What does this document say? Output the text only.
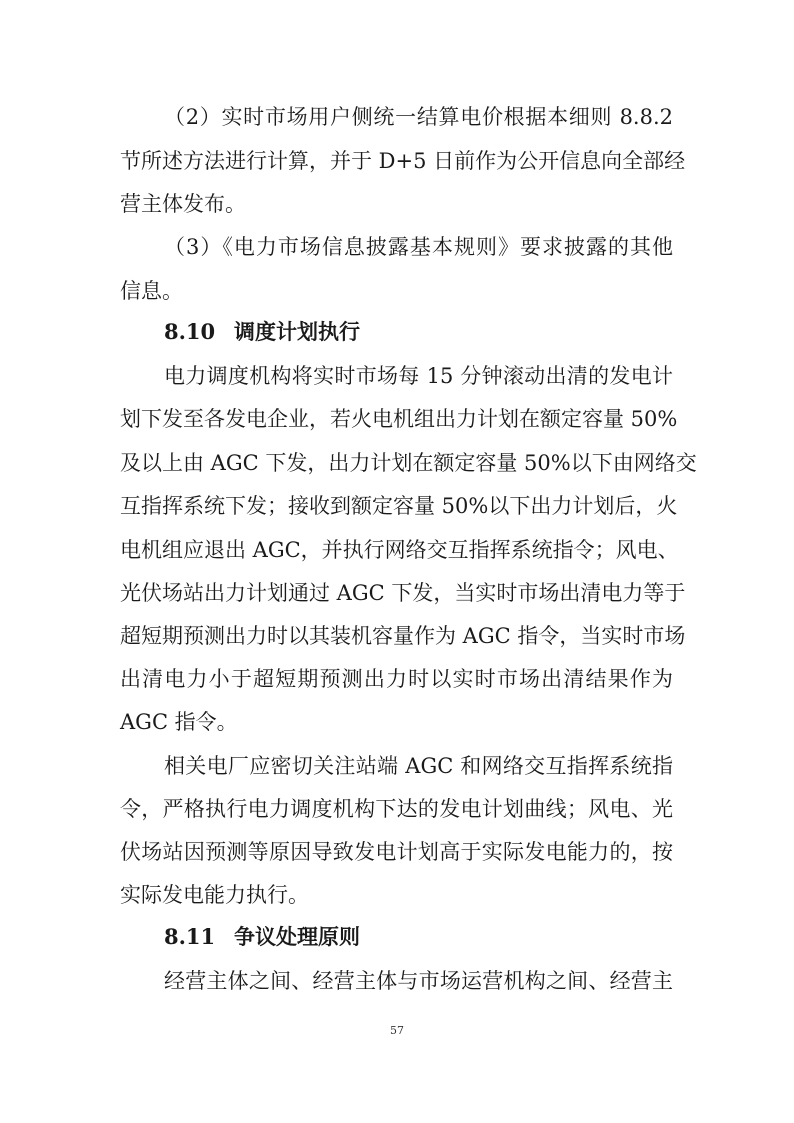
（2）实时市场用户侧统一结算电价根据本细则 8.8.2
节所述方法进行计算，并于 D+5 日前作为公开信息向全部经
营主体发布。
（3）《电力市场信息披露基本规则》要求披露的其他
信息。
8.10 调度计划执行
电力调度机构将实时市场每 15 分钟滚动出清的发电计
划下发至各发电企业，若火电机组出力计划在额定容量 50%
及以上由 AGC 下发，出力计划在额定容量 50%以下由网络交
互指挥系统下发；接收到额定容量 50%以下出力计划后，火
电机组应退出 AGC，并执行网络交互指挥系统指令；风电、
光伏场站出力计划通过 AGC 下发，当实时市场出清电力等于
超短期预测出力时以其装机容量作为 AGC 指令，当实时市场
出清电力小于超短期预测出力时以实时市场出清结果作为
AGC 指令。
相关电厂应密切关注站端 AGC 和网络交互指挥系统指
令，严格执行电力调度机构下达的发电计划曲线；风电、光
伏场站因预测等原因导致发电计划高于实际发电能力的，按
实际发电能力执行。
8.11 争议处理原则
经营主体之间、经营主体与市场运营机构之间、经营主
57
